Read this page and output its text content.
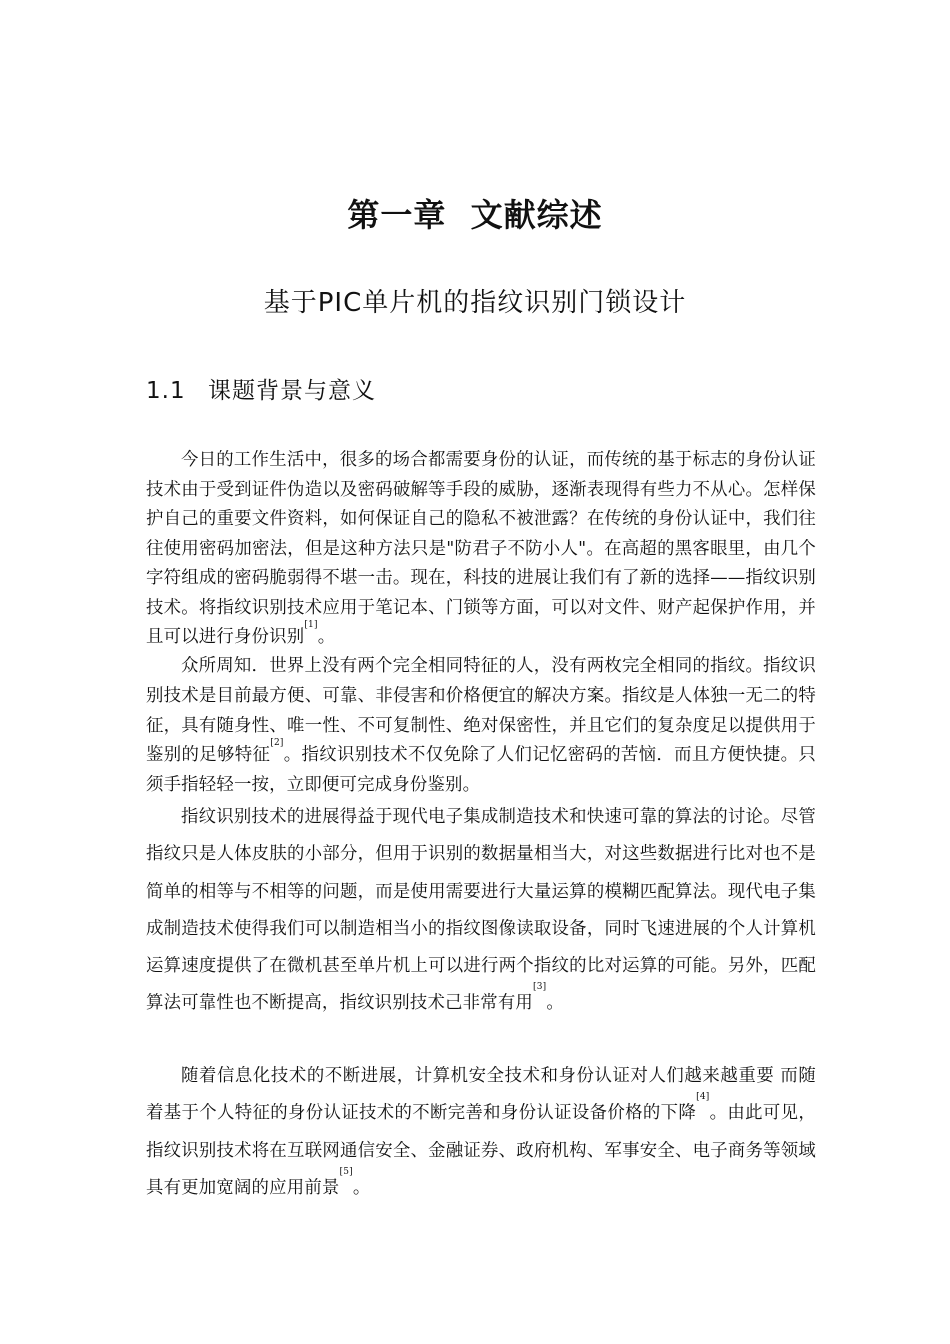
第一章  文献综述
基于PIC单片机的指纹识别门锁设计
1.1 课题背景与意义

今日的工作生活中，很多的场合都需要身份的认证，而传统的基于标志的身份认证技术由于受到证件伪造以及密码破解等手段的威胁，逐渐表现得有些力不从心。怎样保护自己的重要文件资料，如何保证自己的隐私不被泄露？在传统的身份认证中，我们往往使用密码加密法，但是这种方法只是"防君子不防小人"。在高超的黑客眼里，由几个字符组成的密码脆弱得不堪一击。现在，科技的进展让我们有了新的选择——指纹识别技术。将指纹识别技术应用于笔记本、门锁等方面，可以对文件、财产起保护作用，并且可以进行身份识别[1]。

众所周知．世界上没有两个完全相同特征的人，没有两枚完全相同的指纹。指纹识别技术是目前最方便、可靠、非侵害和价格便宜的解决方案。指纹是人体独一无二的特征，具有随身性、唯一性、不可复制性、绝对保密性，并且它们的复杂度足以提供用于鉴别的足够特征[2]。指纹识别技术不仅免除了人们记忆密码的苦恼．而且方便快捷。只须手指轻轻一按，立即便可完成身份鉴别。

指纹识别技术的进展得益于现代电子集成制造技术和快速可靠的算法的讨论。尽管指纹只是人体皮肤的小部分，但用于识别的数据量相当大，对这些数据进行比对也不是简单的相等与不相等的问题，而是使用需要进行大量运算的模糊匹配算法。现代电子集成制造技术使得我们可以制造相当小的指纹图像读取设备，同时飞速进展的个人计算机运算速度提供了在微机甚至单片机上可以进行两个指纹的比对运算的可能。另外，匹配算法可靠性也不断提高，指纹识别技术己非常有用[3]。

随着信息化技术的不断进展，计算机安全技术和身份认证对人们越来越重要 而随着基于个人特征的身份认证技术的不断完善和身份认证设备价格的下降[4]。由此可见，指纹识别技术将在互联网通信安全、金融证券、政府机构、军事安全、电子商务等领域具有更加宽阔的应用前景[5]。
